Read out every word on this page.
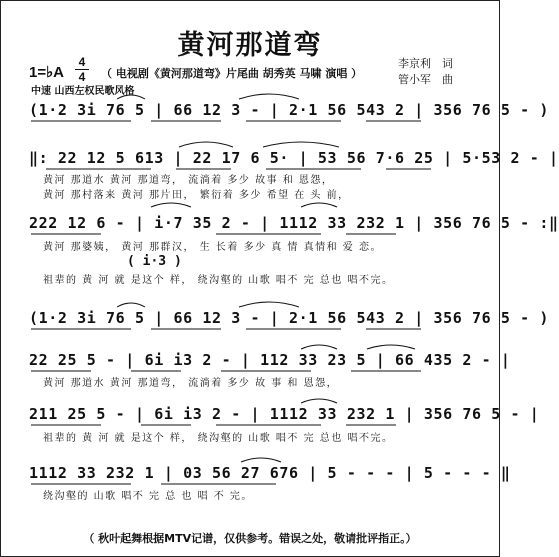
黄河那道弯
1=♭A
4
4	（ 电视剧《黄河那道弯》片尾曲 胡秀英 马啸 演唱 ）
李京利　词
管小军　曲
中速 山西左权民歌风格
(1·2 3i 76 5 | 66 12 3 - | 2·1 56 543 2 | 356 76 5 - )
‖: 22 12 5 613 | 22 17 6 5· | 53 56 7·6 25 | 5·53 2 - |
黄河 那道水 黄河 那道弯， 流淌着 多少 故事 和 恩怨，
黄河 那村落来 黄河 那片田， 繁衍着 多少 希望 在 头 前，
222 12 6 - | i·7 35 2 - | 1112 33 232 1 | 356 76 5 - :‖
黄河 那婆姨， 黄河 那群汉， 生 长着 多少 真 情 真情和 爱 恋。
( i·3 )
祖辈的 黄 河 就 是这个 样， 绕沟壑的 山歌 唱不 完 总也 唱不完。
(1·2 3i 76 5 | 66 12 3 - | 2·1 56 543 2 | 356 76 5 - )
22 25 5 - | 6i i3 2 - | 112 33 23 5 | 66 435 2 - |
黄河 那道水 黄河 那道弯， 流淌着 多少 故 事 和 恩怨，
211 25 5 - | 6i i3 2 - | 1112 33 232 1 | 356 76 5 - |
祖辈的 黄 河 就 是这个 样， 绕沟壑的 山歌 唱不 完 总也 唱不完。
1112 33 232 1 | 03 56 27 676 | 5 - - - | 5 - - - ‖
绕沟壑的 山歌 唱不 完 总 也 唱 不 完。
（ 秋叶起舞根据MTV记谱，仅供参考。错误之处，敬请批评指正。）
